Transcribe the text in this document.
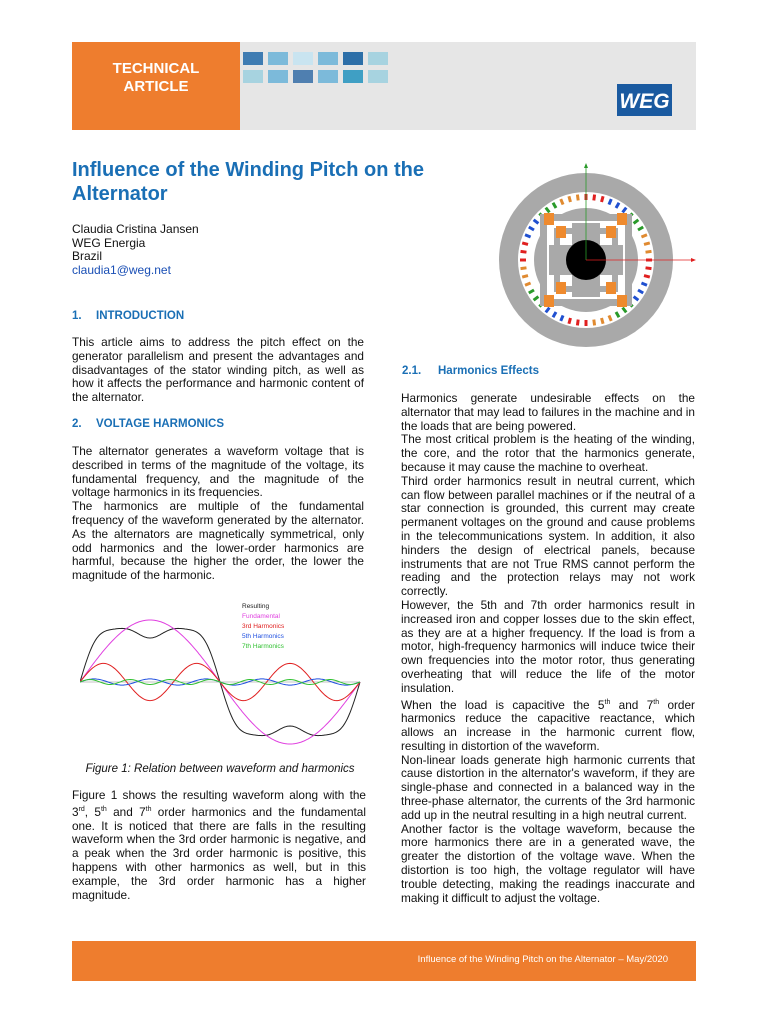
TECHNICAL
ARTICLE
WEG
Influence of the Winding Pitch on the Alternator
Claudia Cristina Jansen
WEG Energia
Brazil
claudia1@weg.net
1. INTRODUCTION

This article aims to address the pitch effect on the generator parallelism and present the advantages and disadvantages of the stator winding pitch, as well as how it affects the performance and harmonic content of the alternator.

2. VOLTAGE HARMONICS

The alternator generates a waveform voltage that is described in terms of the magnitude of the voltage, its fundamental frequency, and the magnitude of the voltage harmonics in its frequencies.

The harmonics are multiple of the fundamental frequency of the waveform generated by the alternator. As the alternators are magnetically symmetrical, only odd harmonics and the lower-order harmonics are harmful, because the higher the order, the lower the magnitude of the harmonic.

Resulting
Fundamental
3rd Harmonics
5th Harmonics
7th Harmonics
Figure 1: Relation between waveform and harmonics

Figure 1 shows the resulting waveform along with the 3rd, 5th and 7th order harmonics and the fundamental one. It is noticed that there are falls in the resulting waveform when the 3rd order harmonic is negative, and a peak when the 3rd order harmonic is positive, this happens with other harmonics as well, but in this example, the 3rd order harmonic has a higher magnitude.

2.1. Harmonics Effects

Harmonics generate undesirable effects on the alternator that may lead to failures in the machine and in the loads that are being powered.

The most critical problem is the heating of the winding, the core, and the rotor that the harmonics generate, because it may cause the machine to overheat.

Third order harmonics result in neutral current, which can flow between parallel machines or if the neutral of a star connection is grounded, this current may create permanent voltages on the ground and cause problems in the telecommunications system. In addition, it also hinders the design of electrical panels, because instruments that are not True RMS cannot perform the reading and the protection relays may not work correctly.

However, the 5th and 7th order harmonics result in increased iron and copper losses due to the skin effect, as they are at a higher frequency. If the load is from a motor, high-frequency harmonics will induce twice their own frequencies into the motor rotor, thus generating overheating that will reduce the life of the motor insulation.

When the load is capacitive the 5th and 7th order harmonics reduce the capacitive reactance, which allows an increase in the harmonic current flow, resulting in distortion of the waveform.

Non-linear loads generate high harmonic currents that cause distortion in the alternator's waveform, if they are single-phase and connected in a balanced way in the three-phase alternator, the currents of the 3rd harmonic add up in the neutral resulting in a high neutral current.

Another factor is the voltage waveform, because the more harmonics there are in a generated wave, the greater the distortion of the voltage wave. When the distortion is too high, the voltage regulator will have trouble detecting, making the readings inaccurate and making it difficult to adjust the voltage.

Influence of the Winding Pitch on the Alternator – May/2020
